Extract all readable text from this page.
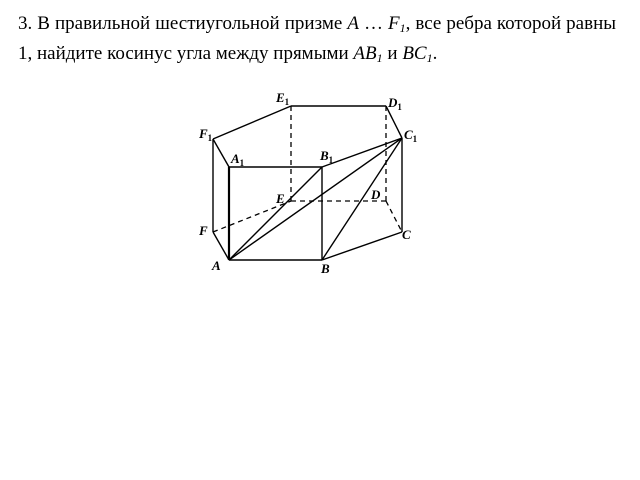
3. В правильной шестиугольной призме A … $F_1$, все ребра которой равны 1, найдите косинус угла между прямыми $AB_1$ и $BC_1$.
$E_1$	$D_1$
$F_1$	$C_1$
$A_1$	$B_1$
E	D
F	C
A	B
